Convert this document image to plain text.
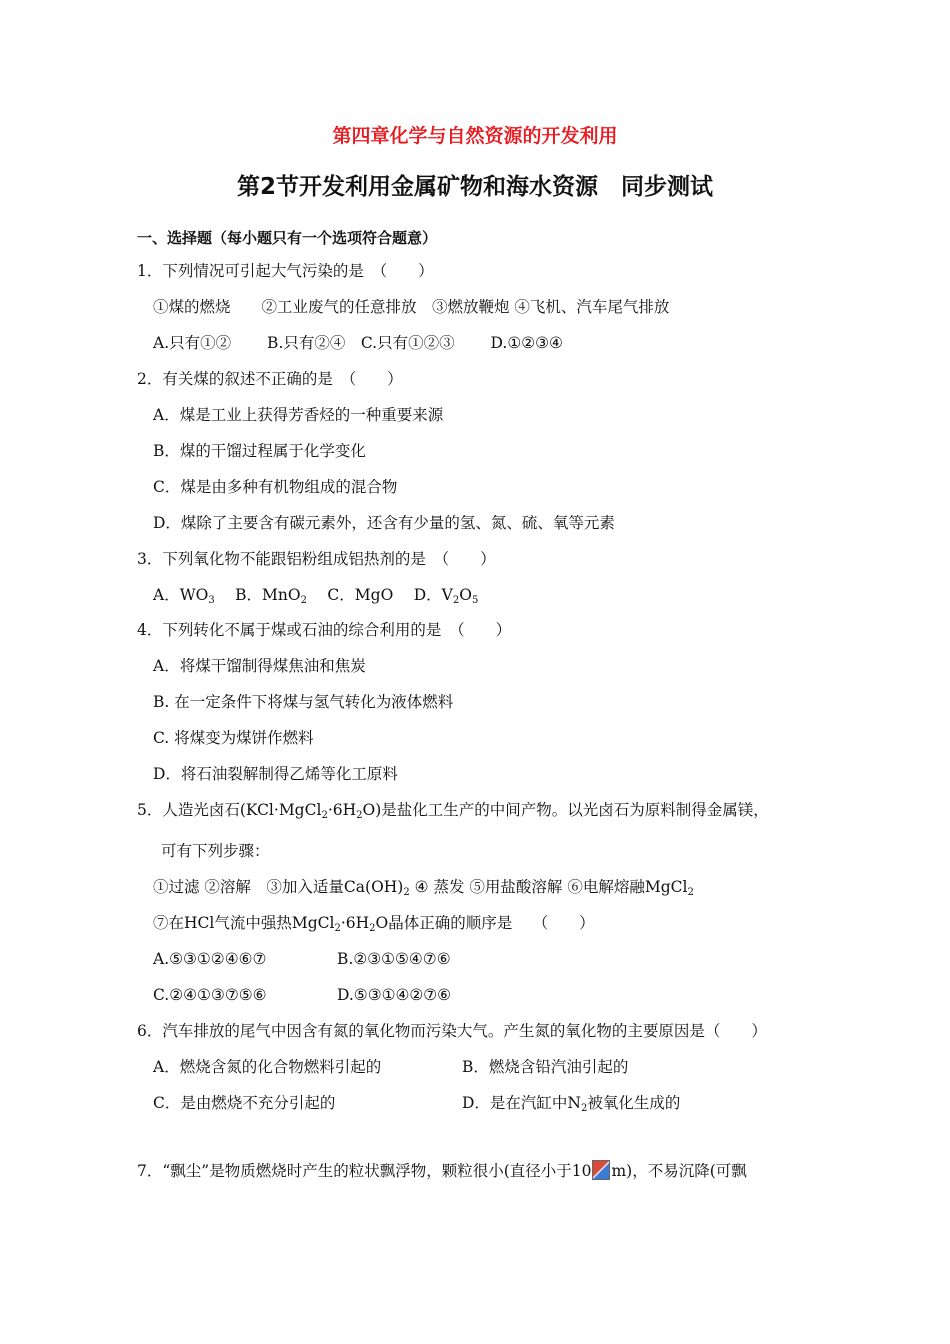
第四章化学与自然资源的开发利用
第2节开发利用金属矿物和海水资源　同步测试
一、选择题（每小题只有一个选项符合题意）
1．下列情况可引起大气污染的是　（　　）
①煤的燃烧　　②工业废气的任意排放　③燃放鞭炮 ④飞机、汽车尾气排放
A.只有①②　　 B.只有②④　C.只有①②③　　 D.①②③④
2．有关煤的叙述不正确的是　（　　）
A．煤是工业上获得芳香烃的一种重要来源
B．煤的干馏过程属于化学变化
C．煤是由多种有机物组成的混合物
D．煤除了主要含有碳元素外，还含有少量的氢、氮、硫、氧等元素
3．下列氧化物不能跟铝粉组成铝热剂的是　（　　）
A．$WO_3$　 B．MnO$_2$　 C．MgO　 D．$V_2O_5$
4．下列转化不属于煤或石油的综合利用的是　（　　）
A．将煤干馏制得煤焦油和焦炭
B. 在一定条件下将煤与氢气转化为液体燃料
C. 将煤变为煤饼作燃料
D．将石油裂解制得乙烯等化工原料
5．人造光卤石$(KCl\cdot MgCl_2\cdot 6H_2O)$是盐化工生产的中间产物。以光卤石为原料制得金属镁，
可有下列步骤：
①过滤 ②溶解　③加入适量$Ca(OH)_2$ ④ 蒸发 ⑤用盐酸溶解 ⑥电解熔融MgCl$_2$
⑦在HCl气流中强热$MgCl_2\cdot 6H_2O$晶体正确的顺序是　 （　　）
A.⑤③①②④⑥⑦	B.②③①⑤④⑦⑥
C.②④①③⑦⑤⑥	D.⑤③①④②⑦⑥
6．汽车排放的尾气中因含有氮的氧化物而污染大气。产生氮的氧化物的主要原因是（　　）
A．燃烧含氮的化合物燃料引起的	B．燃烧含铅汽油引起的
C．是由燃烧不充分引起的	D．是在汽缸中$N_2$被氧化生成的
7．“飘尘”是物质燃烧时产生的粒状飘浮物，颗粒很小(直径小于10 m)，不易沉降(可飘
